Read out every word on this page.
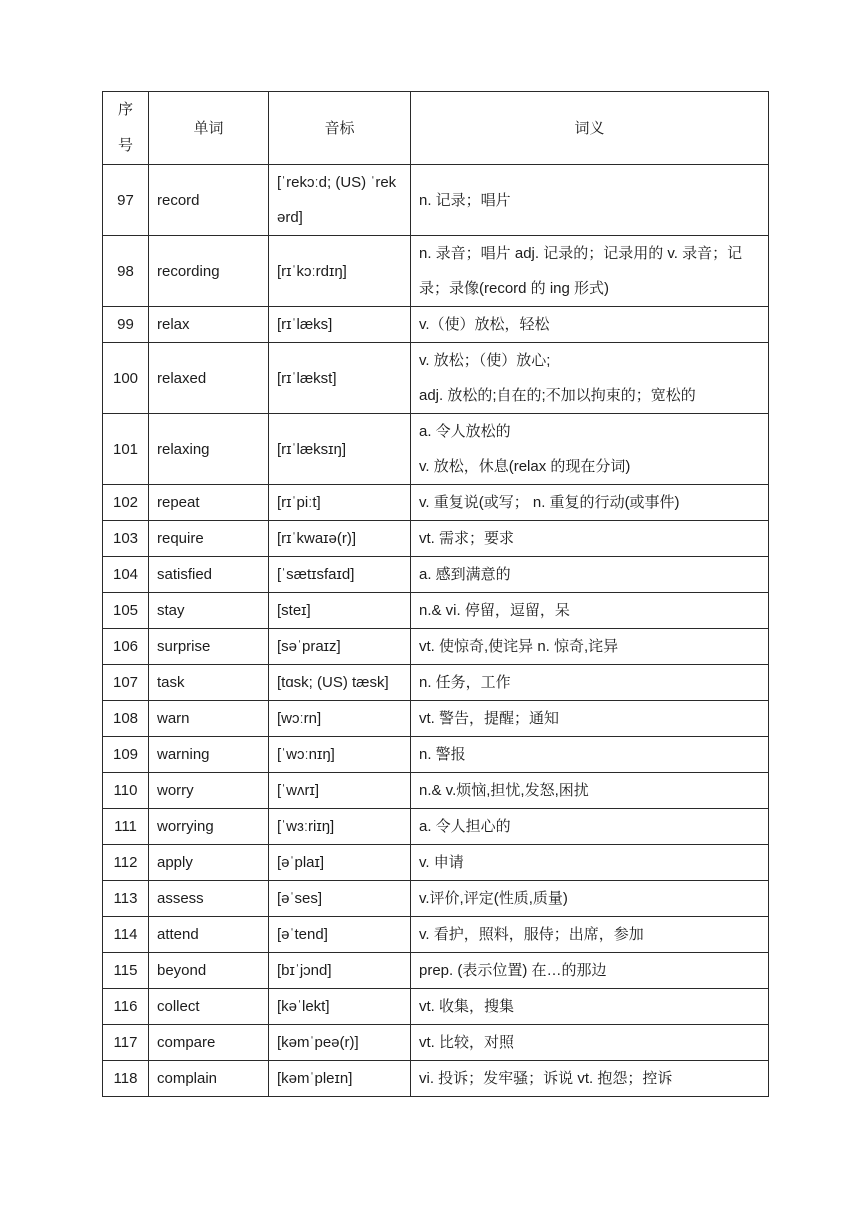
序号	单词	音标	词义
97	record	[ˈrekɔːd; (US) ˈrekərd]	n. 记录；唱片

98	recording	[rɪˈkɔːrdɪŋ]	n. 录音；唱片 adj. 记录的；记录用的 v. 录音；记录；录像(record 的 ing 形式)

99	relax	[rɪˈlæks]	v.（使）放松，轻松

100	relaxed	[rɪˈlækst]	v. 放松；（使）放心;
adj. 放松的;自在的;不加以拘束的；宽松的

101	relaxing	[rɪˈlæksɪŋ]	a. 令人放松的
v. 放松，休息(relax 的现在分词)

102	repeat	[rɪˈpiːt]	v. 重复说(或写； n. 重复的行动(或事件)

103	require	[rɪˈkwaɪə(r)]	vt. 需求；要求

104	satisfied	[ˈsætɪsfaɪd]	a. 感到满意的

105	stay	[steɪ]	n.& vi. 停留，逗留，呆

106	surprise	[səˈpraɪz]	vt. 使惊奇,使诧异 n. 惊奇,诧异

107	task	[tɑsk; (US) tæsk]	n. 任务，工作

108	warn	[wɔːrn]	vt. 警告，提醒；通知

109	warning	[ˈwɔːnɪŋ]	n. 警报

110	worry	[ˈwʌrɪ]	n.& v.烦恼,担忧,发怒,困扰

111	worrying	[ˈwɜːriɪŋ]	a. 令人担心的

112	apply	[əˈplaɪ]	v. 申请

113	assess	[əˈses]	v.评价,评定(性质,质量)

114	attend	[əˈtend]	v. 看护，照料，服侍；出席，参加

115	beyond	[bɪˈjɔnd]	prep. (表示位置) 在…的那边

116	collect	[kəˈlekt]	vt. 收集，搜集

117	compare	[kəmˈpeə(r)]	vt. 比较，对照

118	complain	[kəmˈpleɪn]	vi. 投诉；发牢骚；诉说 vt. 抱怨；控诉
